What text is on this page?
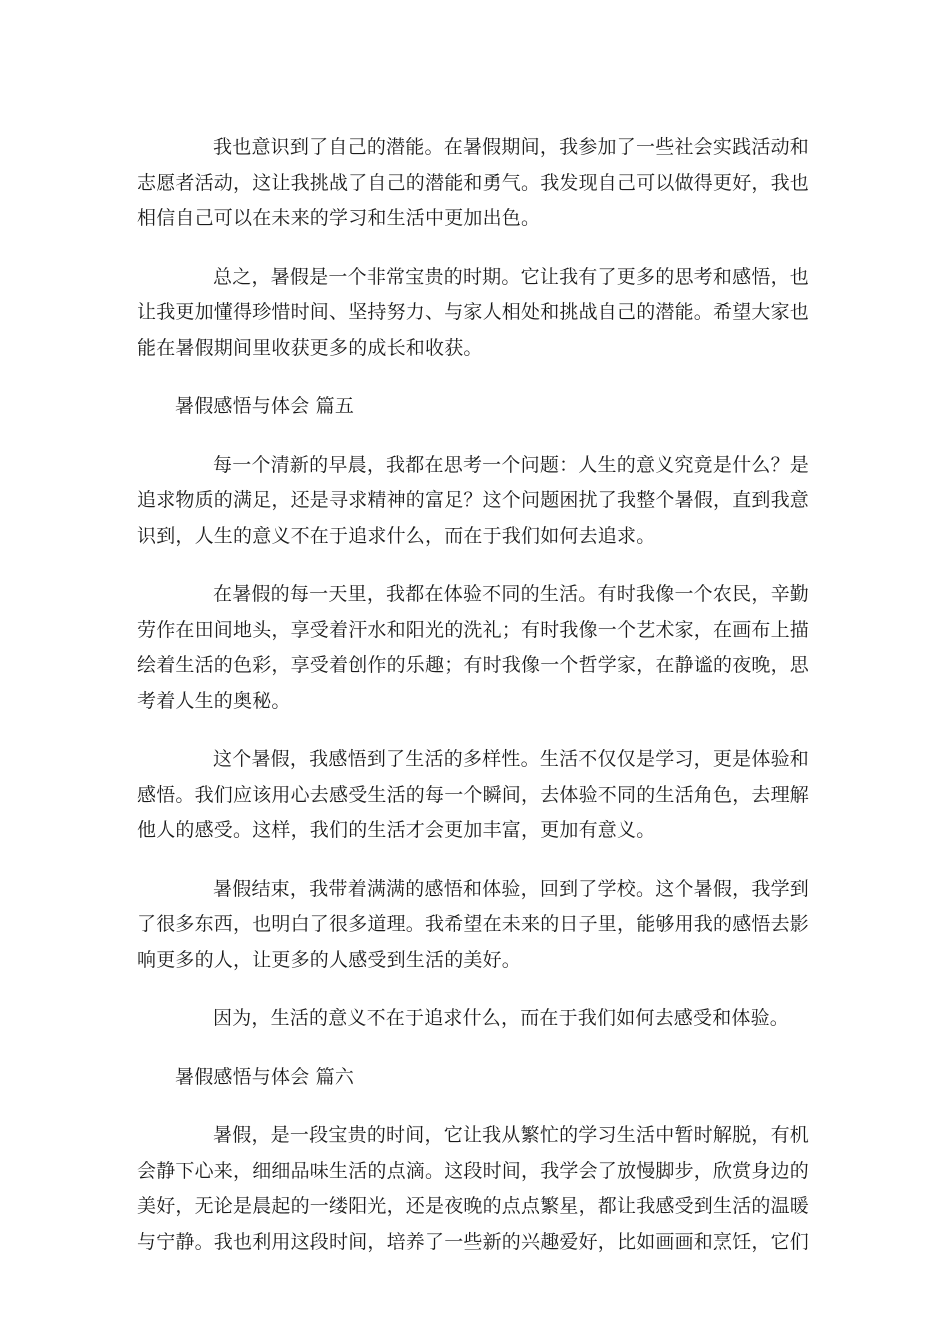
我也意识到了自己的潜能。在暑假期间，我参加了一些社会实践活动和志愿者活动，这让我挑战了自己的潜能和勇气。我发现自己可以做得更好，我也相信自己可以在未来的学习和生活中更加出色。

总之，暑假是一个非常宝贵的时期。它让我有了更多的思考和感悟，也让我更加懂得珍惜时间、坚持努力、与家人相处和挑战自己的潜能。希望大家也能在暑假期间里收获更多的成长和收获。

暑假感悟与体会 篇五

每一个清新的早晨，我都在思考一个问题：人生的意义究竟是什么？是追求物质的满足，还是寻求精神的富足？这个问题困扰了我整个暑假，直到我意识到，人生的意义不在于追求什么，而在于我们如何去追求。

在暑假的每一天里，我都在体验不同的生活。有时我像一个农民，辛勤劳作在田间地头，享受着汗水和阳光的洗礼；有时我像一个艺术家，在画布上描绘着生活的色彩，享受着创作的乐趣；有时我像一个哲学家，在静谧的夜晚，思考着人生的奥秘。

这个暑假，我感悟到了生活的多样性。生活不仅仅是学习，更是体验和感悟。我们应该用心去感受生活的每一个瞬间，去体验不同的生活角色，去理解他人的感受。这样，我们的生活才会更加丰富，更加有意义。

暑假结束，我带着满满的感悟和体验，回到了学校。这个暑假，我学到了很多东西，也明白了很多道理。我希望在未来的日子里，能够用我的感悟去影响更多的人，让更多的人感受到生活的美好。

因为，生活的意义不在于追求什么，而在于我们如何去感受和体验。

暑假感悟与体会 篇六

暑假，是一段宝贵的时间，它让我从繁忙的学习生活中暂时解脱，有机会静下心来，细细品味生活的点滴。这段时间，我学会了放慢脚步，欣赏身边的美好，无论是晨起的一缕阳光，还是夜晚的点点繁星，都让我感受到生活的温暖与宁静。我也利用这段时间，培养了一些新的兴趣爱好，比如画画和烹饪，它们
